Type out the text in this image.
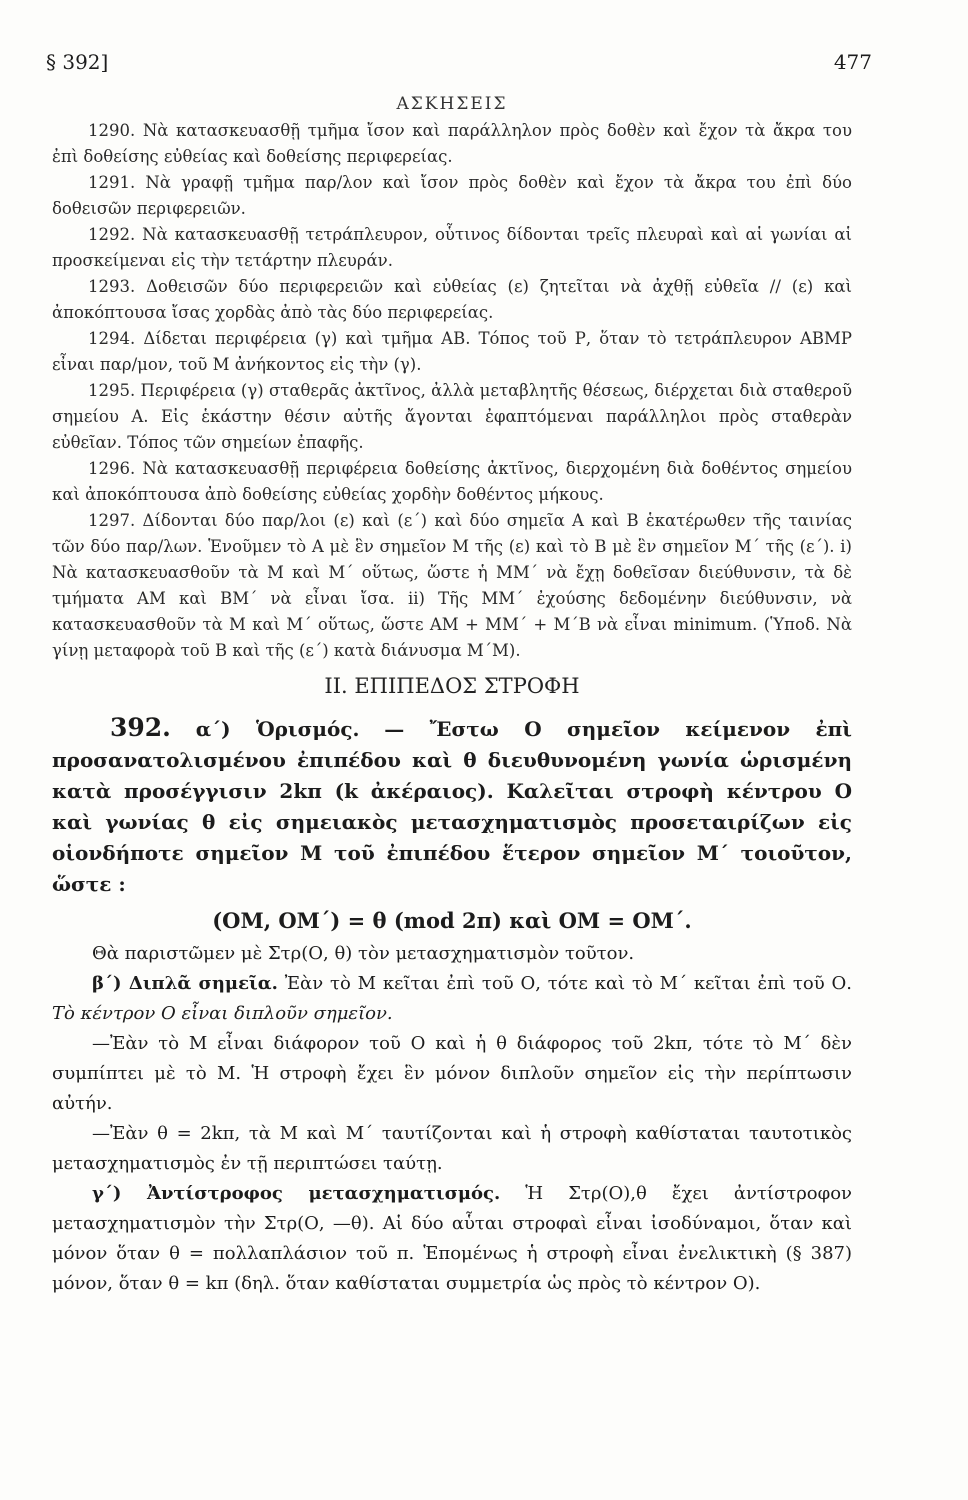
§ 392]	477
ΑΣΚΗΣΕΙΣ

1290. Νὰ κατασκευασθῇ τμῆμα ἴσον καὶ παράλληλον πρὸς δοθὲν καὶ ἔχον τὰ ἄκρα του ἐπὶ δοθείσης εὐθείας καὶ δοθείσης περιφερείας.

1291. Νὰ γραφῇ τμῆμα παρ/λον καὶ ἴσον πρὸς δοθὲν καὶ ἔχον τὰ ἄκρα του ἐπὶ δύο δοθεισῶν περιφερειῶν.

1292. Νὰ κατασκευασθῇ τετράπλευρον, οὗτινος δίδονται τρεῖς πλευραὶ καὶ αἱ γωνίαι αἱ προσκείμεναι εἰς τὴν τετάρτην πλευράν.

1293. Δοθεισῶν δύο περιφερειῶν καὶ εὐθείας (ε) ζητεῖται νὰ ἀχθῇ εὐθεῖα // (ε) καὶ ἀποκόπτουσα ἴσας χορδὰς ἀπὸ τὰς δύο περιφερείας.

1294. Δίδεται περιφέρεια (γ) καὶ τμῆμα ΑΒ. Τόπος τοῦ Ρ, ὅταν τὸ τετράπλευρον ΑΒΜΡ εἶναι παρ/μον, τοῦ Μ ἀνήκοντος εἰς τὴν (γ).

1295. Περιφέρεια (γ) σταθερᾶς ἀκτῖνος, ἀλλὰ μεταβλητῆς θέσεως, διέρχεται διὰ σταθεροῦ σημείου Α. Εἰς ἑκάστην θέσιν αὐτῆς ἄγονται ἐφαπτόμεναι παράλληλοι πρὸς σταθερὰν εὐθεῖαν. Τόπος τῶν σημείων ἐπαφῆς.

1296. Νὰ κατασκευασθῇ περιφέρεια δοθείσης ἀκτῖνος, διερχομένη διὰ δοθέντος σημείου καὶ ἀποκόπτουσα ἀπὸ δοθείσης εὐθείας χορδὴν δοθέντος μήκους.

1297. Δίδονται δύο παρ/λοι (ε) καὶ (ε΄) καὶ δύο σημεῖα Α καὶ Β ἑκατέρωθεν τῆς ταινίας τῶν δύο παρ/λων. Ἑνοῦμεν τὸ Α μὲ ἓν σημεῖον Μ τῆς (ε) καὶ τὸ Β μὲ ἓν σημεῖον Μ΄ τῆς (ε΄). i) Νὰ κατασκευασθοῦν τὰ Μ καὶ Μ΄ οὕτως, ὥστε ἡ ΜΜ΄ νὰ ἔχῃ δοθεῖσαν διεύθυνσιν, τὰ δὲ τμήματα ΑΜ καὶ ΒΜ΄ νὰ εἶναι ἴσα. ii) Τῆς ΜΜ΄ ἐχούσης δεδομένην διεύθυνσιν, νὰ κατασκευασθοῦν τὰ Μ καὶ Μ΄ οὕτως, ὥστε ΑΜ + ΜΜ΄ + Μ΄Β νὰ εἶναι minimum. (Ὑποδ. Νὰ γίνῃ μεταφορὰ τοῦ Β καὶ τῆς (ε΄) κατὰ διάνυσμα Μ΄Μ).

ΙΙ. ΕΠΙΠΕΔΟΣ ΣΤΡΟΦΗ

392. α΄) Ὁρισμός. — Ἔστω Ο σημεῖον κείμενον ἐπὶ προσανατολισμένου ἐπιπέδου καὶ θ διευθυνομένη γωνία ὡρισμένη κατὰ προσέγγισιν 2kπ (k ἀκέραιος). Καλεῖται στροφὴ κέντρου Ο καὶ γωνίας θ εἰς σημειακὸς μετασχηματισμὸς προσεταιρίζων εἰς οἱονδήποτε σημεῖον Μ τοῦ ἐπιπέδου ἕτερον σημεῖον Μ΄ τοιοῦτον, ὥστε :

(ΟΜ, ΟΜ΄) = θ (mod 2π) καὶ ΟΜ = ΟΜ΄.

Θὰ παριστῶμεν μὲ Στρ(Ο, θ) τὸν μετασχηματισμὸν τοῦτον.

β΄) Διπλᾶ σημεῖα. Ἐὰν τὸ Μ κεῖται ἐπὶ τοῦ Ο, τότε καὶ τὸ Μ΄ κεῖται ἐπὶ τοῦ Ο. Τὸ κέντρον Ο εἶναι διπλοῦν σημεῖον.

—Ἐὰν τὸ Μ εἶναι διάφορον τοῦ Ο καὶ ἡ θ διάφορος τοῦ 2kπ, τότε τὸ Μ΄ δὲν συμπίπτει μὲ τὸ Μ. Ἡ στροφὴ ἔχει ἓν μόνον διπλοῦν σημεῖον εἰς τὴν περίπτωσιν αὐτήν.

—Ἐὰν θ = 2kπ, τὰ Μ καὶ Μ΄ ταυτίζονται καὶ ἡ στροφὴ καθίσταται ταυτοτικὸς μετασχηματισμὸς ἐν τῇ περιπτώσει ταύτῃ.

γ΄) Ἀντίστροφος μετασχηματισμός. Ἡ Στρ(Ο),θ ἔχει ἀντίστροφον μετασχηματισμὸν τὴν Στρ(Ο, —θ). Αἱ δύο αὗται στροφαὶ εἶναι ἰσοδύναμοι, ὅταν καὶ μόνον ὅταν θ = πολλαπλάσιον τοῦ π. Ἑπομένως ἡ στροφὴ εἶναι ἐνελικτικὴ (§ 387) μόνον, ὅταν θ = kπ (δηλ. ὅταν καθίσταται συμμετρία ὡς πρὸς τὸ κέντρον Ο).
